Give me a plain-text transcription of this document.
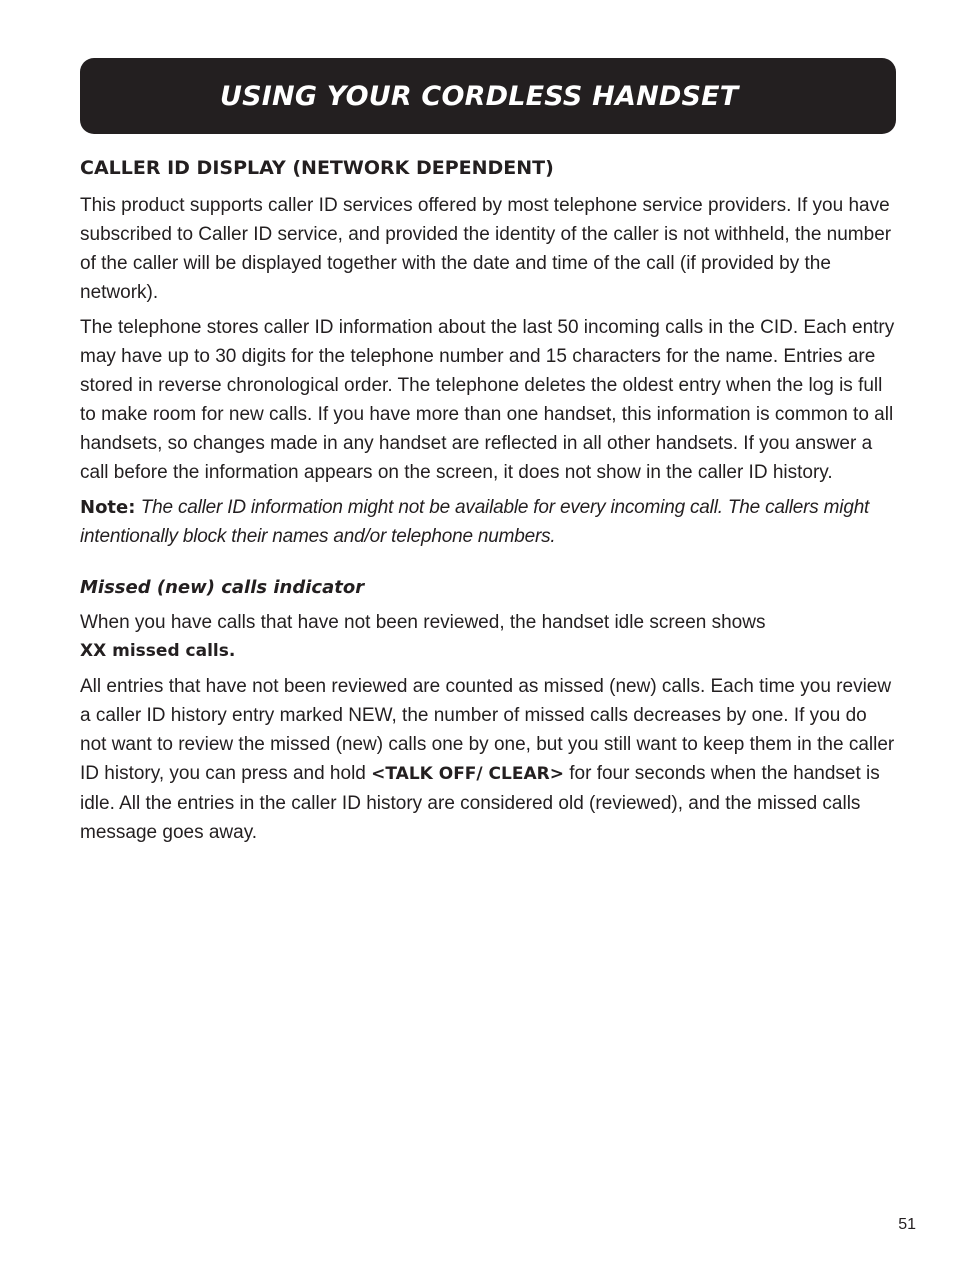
USING YOUR CORDLESS HANDSET
CALLER ID DISPLAY (NETWORK DEPENDENT)

This product supports caller ID services offered by most telephone service providers. If you have subscribed to Caller ID service, and provided the identity of the caller is not withheld, the number of the caller will be displayed together with the date and time of the call (if provided by the network).

The telephone stores caller ID information about the last 50 incoming calls in the CID. Each entry may have up to 30 digits for the telephone number and 15 characters for the name. Entries are stored in reverse chronological order. The telephone deletes the oldest entry when the log is full to make room for new calls. If you have more than one handset, this information is common to all handsets, so changes made in any handset are reflected in all other handsets. If you answer a call before the information appears on the screen, it does not show in the caller ID history.

Note: The caller ID information might not be available for every incoming call. The callers might intentionally block their names and/or telephone numbers.

Missed (new) calls indicator

When you have calls that have not been reviewed, the handset idle screen shows
XX missed calls.

All entries that have not been reviewed are counted as missed (new) calls. Each time you review a caller ID history entry marked NEW, the number of missed calls decreases by one. If you do not want to review the missed (new) calls one by one, but you still want to keep them in the caller ID history, you can press and hold <TALK OFF/ CLEAR> for four seconds when the handset is idle. All the entries in the caller ID history are considered old (reviewed), and the missed calls message goes away.

51
